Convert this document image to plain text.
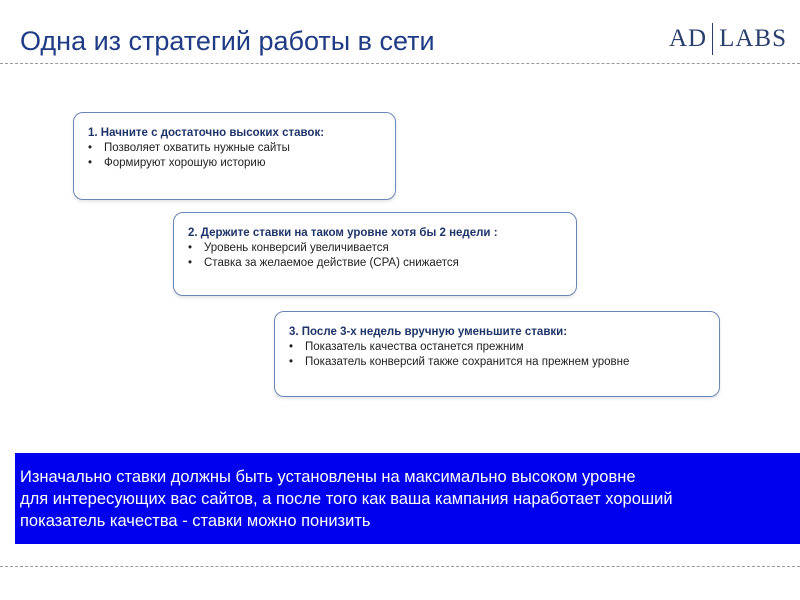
Одна из стратегий работы в сети	AD LABS
1. Начните с достаточно высоких ставок:
• Позволяет охватить нужные сайты
• Формируют хорошую историю
2. Держите ставки на таком уровне хотя бы 2 недели :
• Уровень конверсий увеличивается
• Ставка за желаемое действие (CPA) снижается
3. После 3-х недель вручную уменьшите ставки:
• Показатель качества останется прежним
• Показатель конверсий также сохранится на прежнем уровне
Изначально ставки должны быть установлены на максимально высоком уровне
для интересующих вас сайтов, а после того как ваша кампания наработает хороший
показатель качества - ставки можно понизить
